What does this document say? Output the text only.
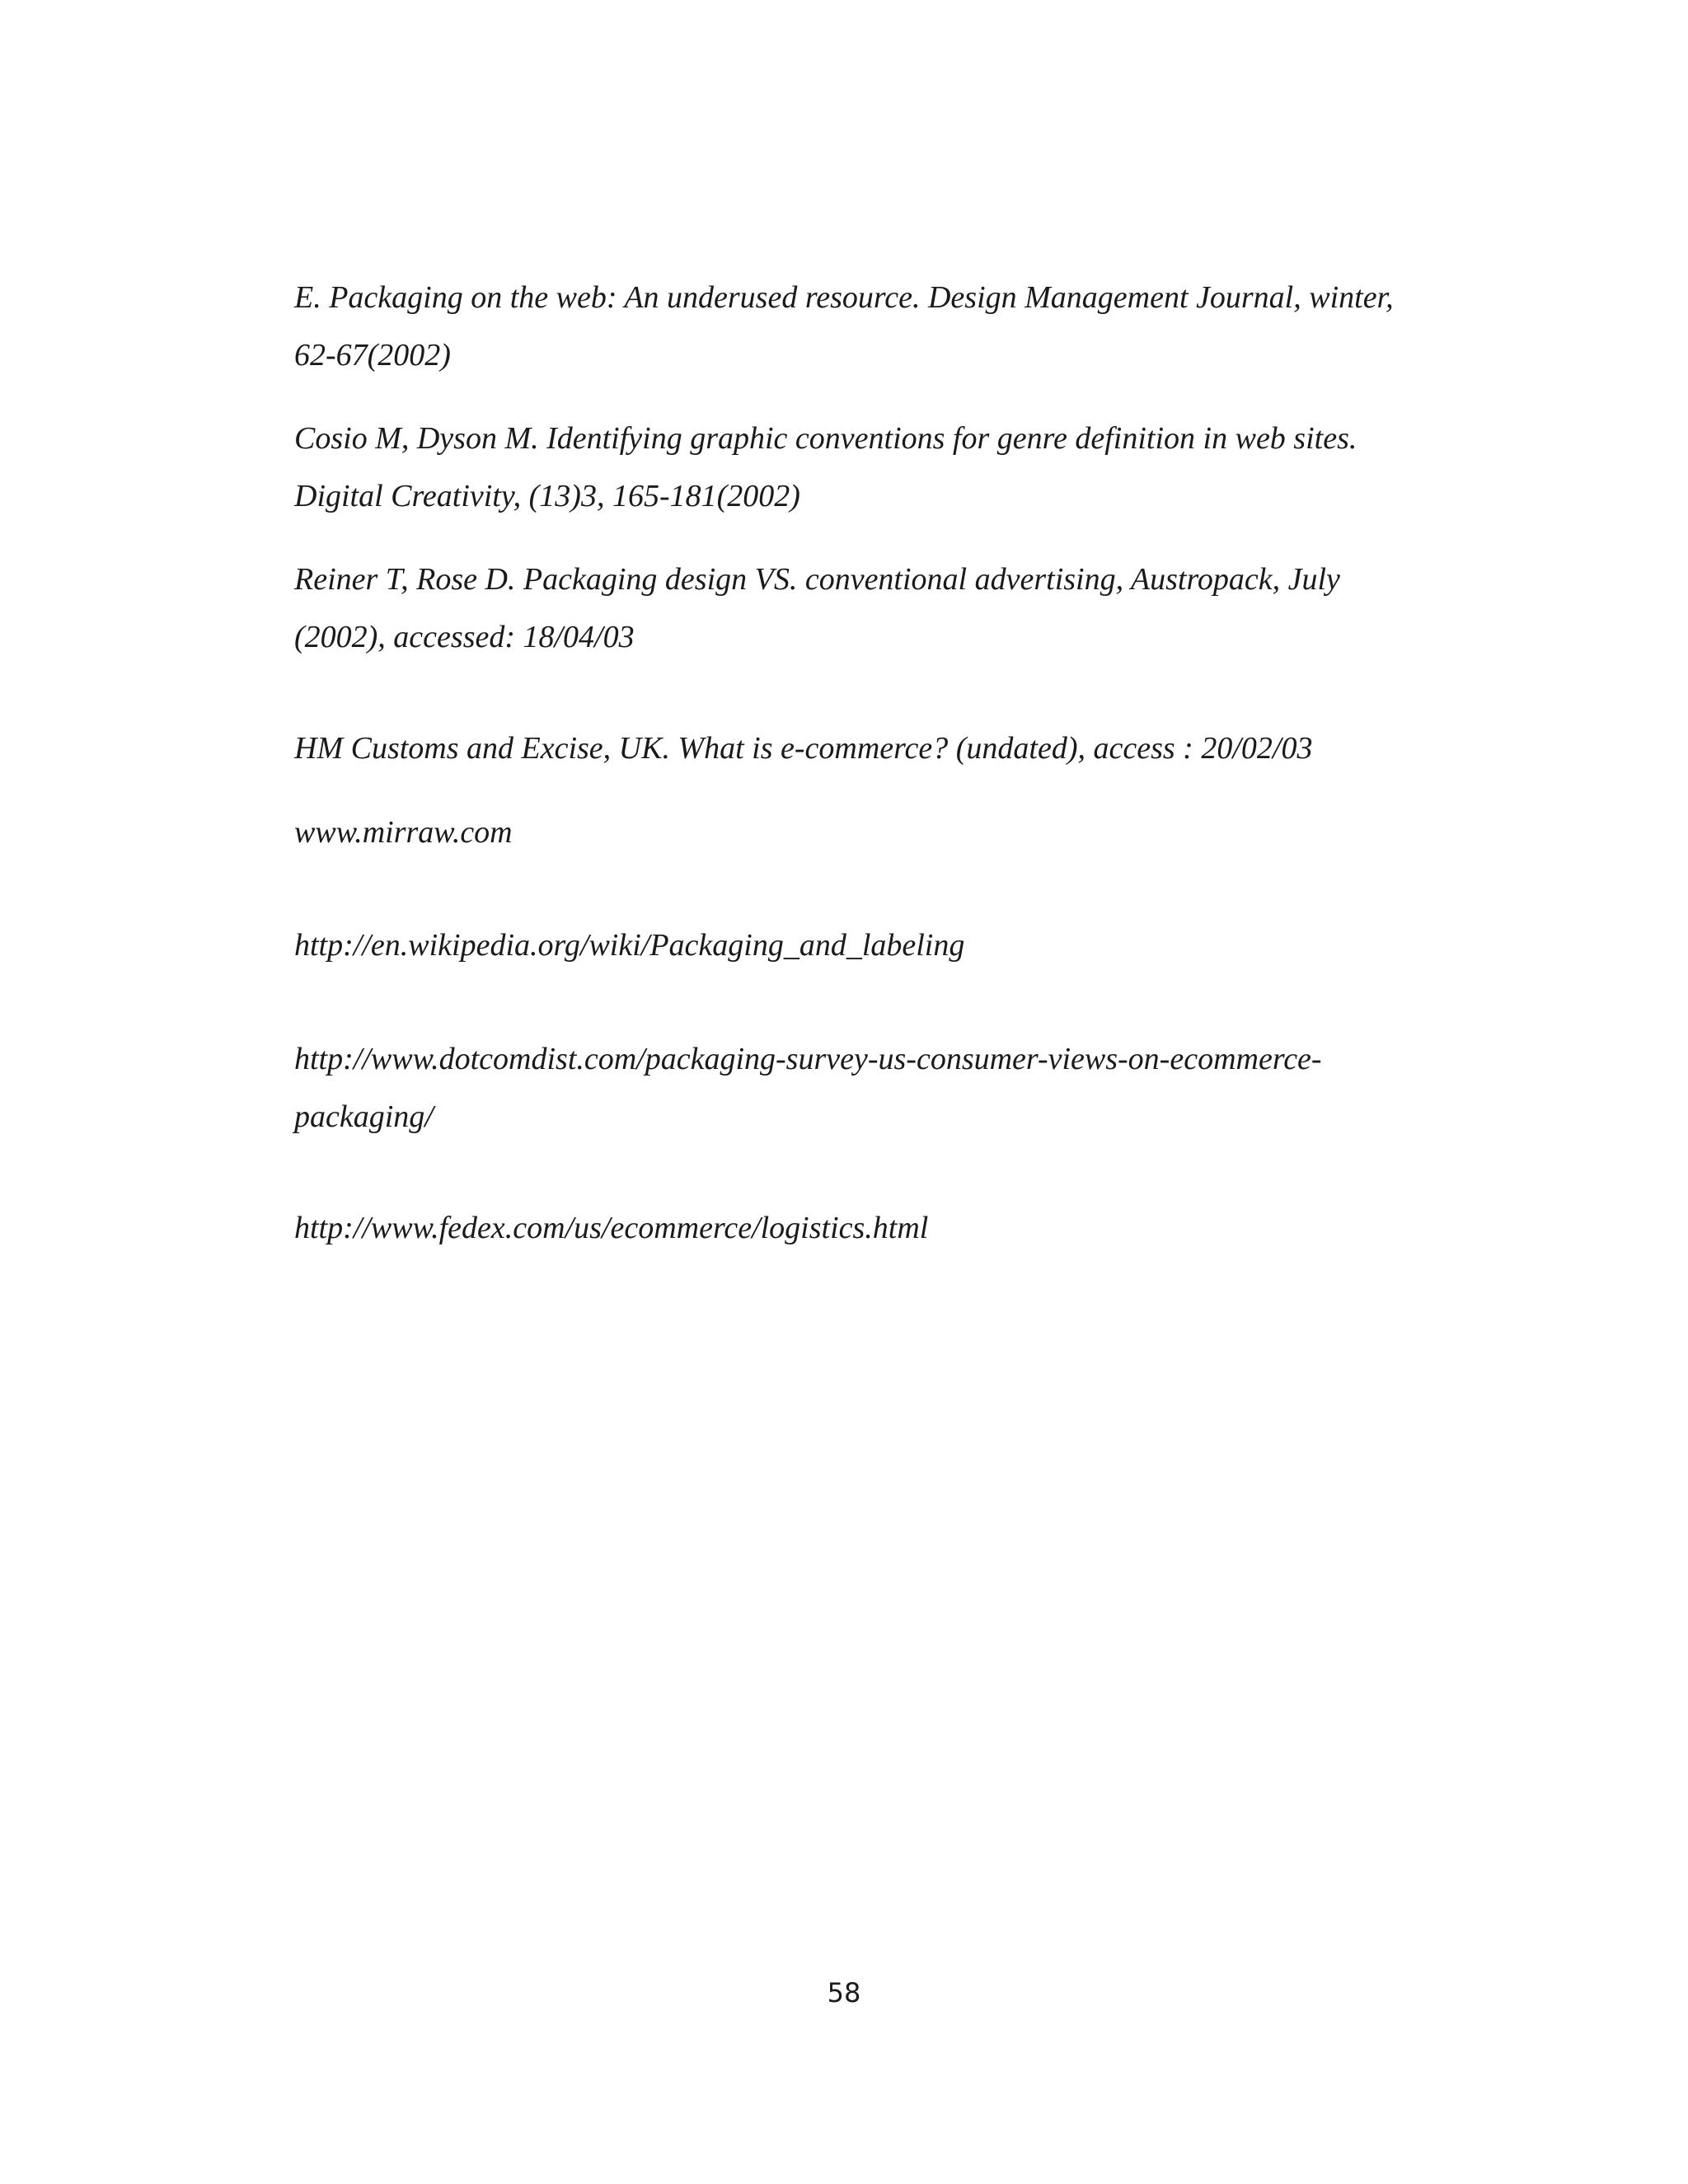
E. Packaging on the web: An underused resource. Design Management Journal, winter,
62-67(2002)

Cosio M, Dyson M. Identifying graphic conventions for genre definition in web sites.
Digital Creativity, (13)3, 165-181(2002)

Reiner T, Rose D. Packaging design VS. conventional advertising, Austropack, July
(2002), accessed: 18/04/03

HM Customs and Excise, UK. What is e-commerce? (undated), access : 20/02/03

www.mirraw.com

http://en.wikipedia.org/wiki/Packaging_and_labeling

http://www.dotcomdist.com/packaging-survey-us-consumer-views-on-ecommerce-
packaging/

http://www.fedex.com/us/ecommerce/logistics.html

58
